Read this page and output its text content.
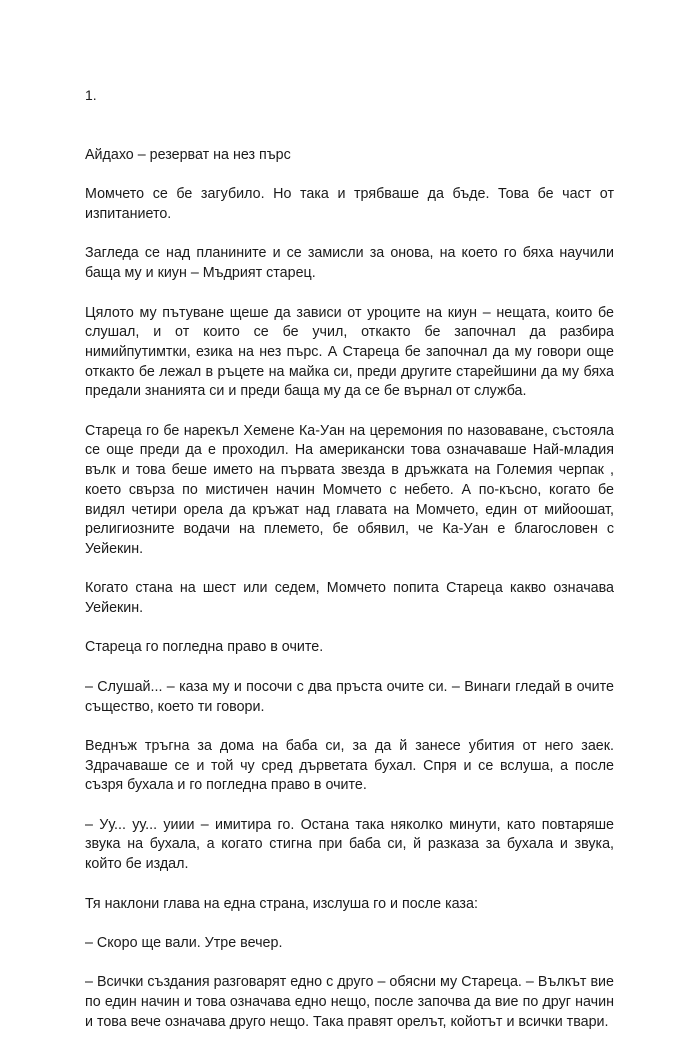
1.

Айдахо – резерват на нез пърс

Момчето се бе загубило. Но така и трябваше да бъде. Това бе част от изпитанието.

Загледа се над планините и се замисли за онова, на което го бяха научили баща му и киун – Мъдрият старец.

Цялото му пътуване щеше да зависи от уроците на киун – нещата, които бе слушал, и от които се бе учил, откакто бе започнал да разбира нимийпутимтки, езика на нез пърс. А Стареца бе започнал да му говори още откакто бе лежал в ръцете на майка си, преди другите старейшини да му бяха предали знанията си и преди баща му да се бе върнал от служба.

Стареца го бе нарекъл Хемене Ка-Уан на церемония по назоваване, състояла се още преди да е проходил. На американски това означаваше Най-младия вълк и това беше името на първата звезда в дръжката на Големия черпак , което свърза по мистичен начин Момчето с небето. А по-късно, когато бе видял четири орела да кръжат над главата на Момчето, един от мийоошат, религиозните водачи на племето, бе обявил, че Ка-Уан е благословен с Уейекин.

Когато стана на шест или седем, Момчето попита Стареца какво означава Уейекин.

Стареца го погледна право в очите.

– Слушай... – каза му и посочи с два пръста очите си. – Винаги гледай в очите същество, което ти говори.

Веднъж тръгна за дома на баба си, за да й занесе убития от него заек. Здрачаваше се и той чу сред дърветата бухал. Спря и се вслуша, а после съзря бухала и го погледна право в очите.

– Уу... уу... уиии – имитира го. Остана така няколко минути, като повтаряше звука на бухала, а когато стигна при баба си, й разказа за бухала и звука, който бе издал.

Тя наклони глава на една страна, изслуша го и после каза:

– Скоро ще вали. Утре вечер.

– Всички създания разговарят едно с друго – обясни му Стареца. – Вълкът вие по един начин и това означава едно нещо, после започва да вие по друг начин и това вече означава друго нещо. Така правят орелът, койотът и всички твари.
